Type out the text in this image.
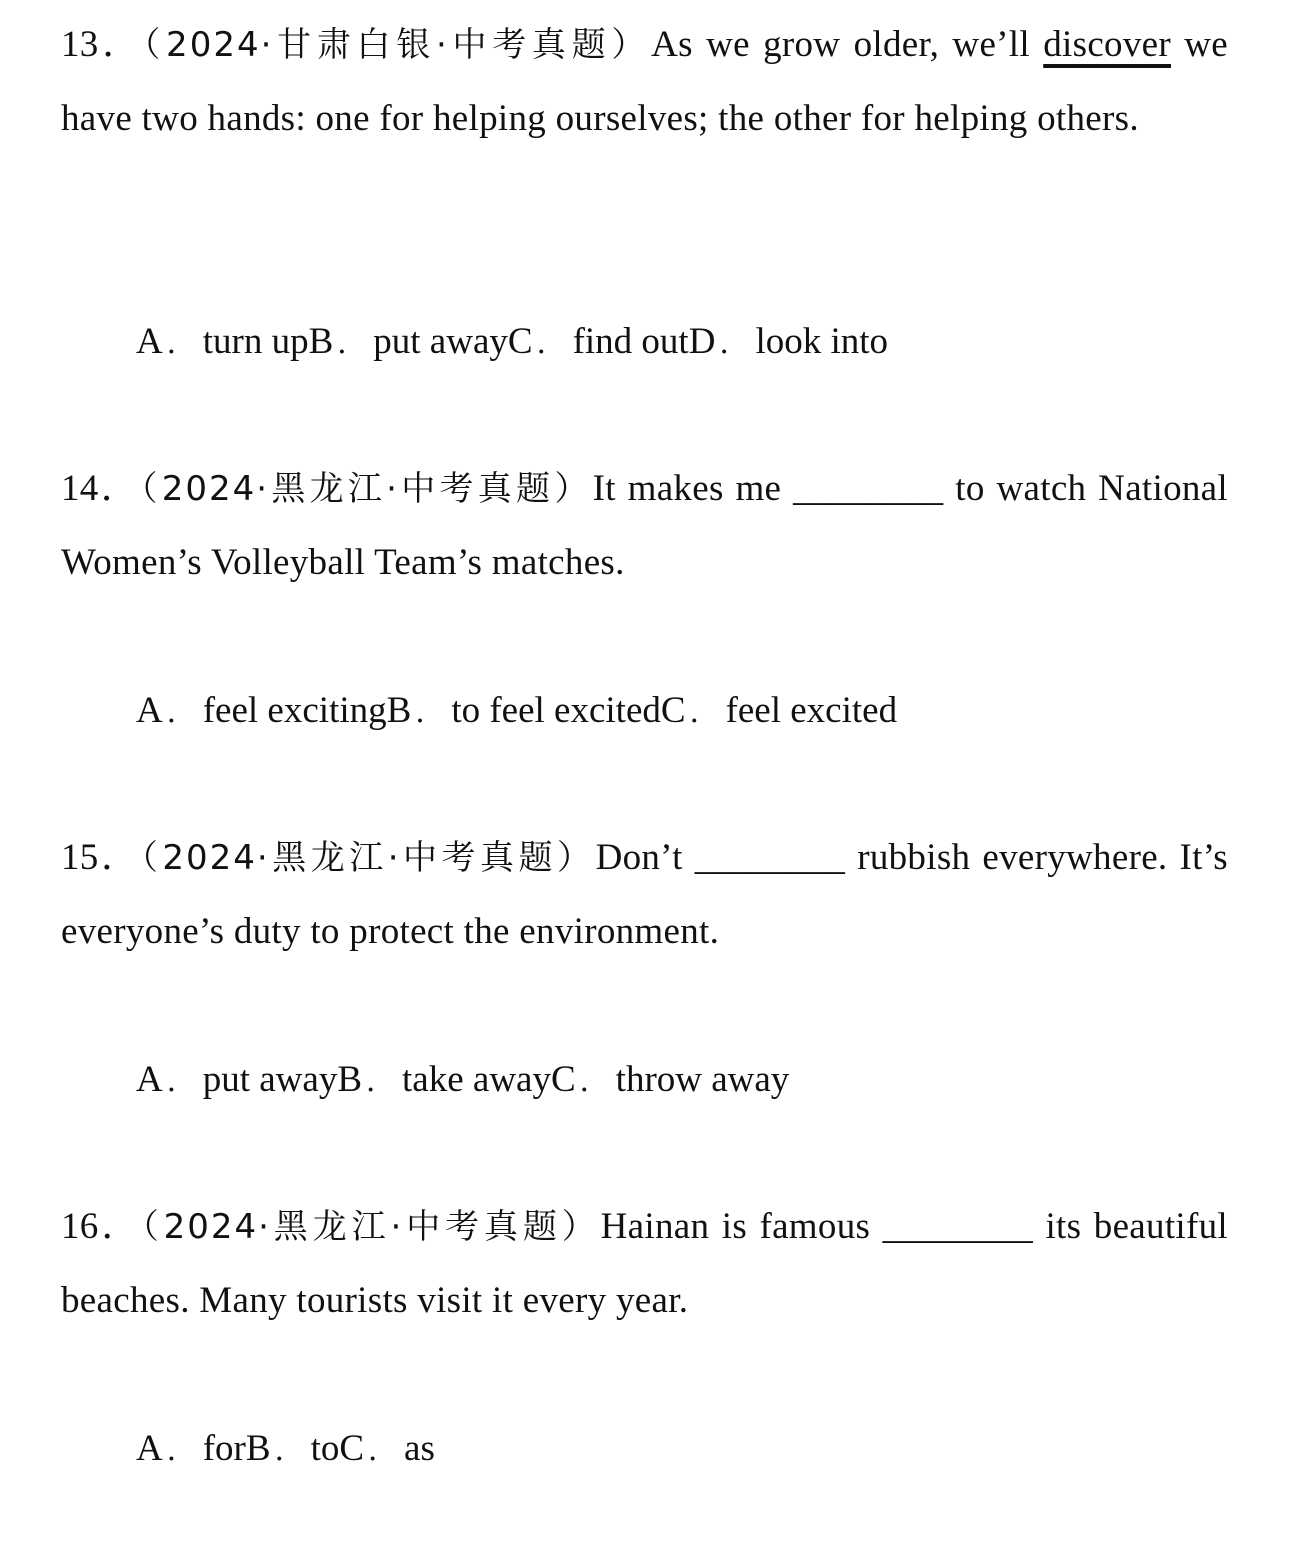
13．（2024·甘肃白银·中考真题）As we grow older, we’ll discover we have two hands: one for helping ourselves; the other for helping others.

A ． turn upB ． put awayC ． find outD ． look into

14．（2024·黑龙江·中考真题）It makes me ________ to watch National Women’s Volleyball Team’s matches.

A ． feel excitingB ． to feel excitedC ． feel excited

15．（2024·黑龙江·中考真题）Don’t ________ rubbish everywhere. It’s everyone’s duty to protect the environment.

A ． put awayB ． take awayC ． throw away

16．（2024·黑龙江·中考真题）Hainan is famous ________ its beautiful beaches. Many tourists visit it every year.

A ． forB ． toC ． as
